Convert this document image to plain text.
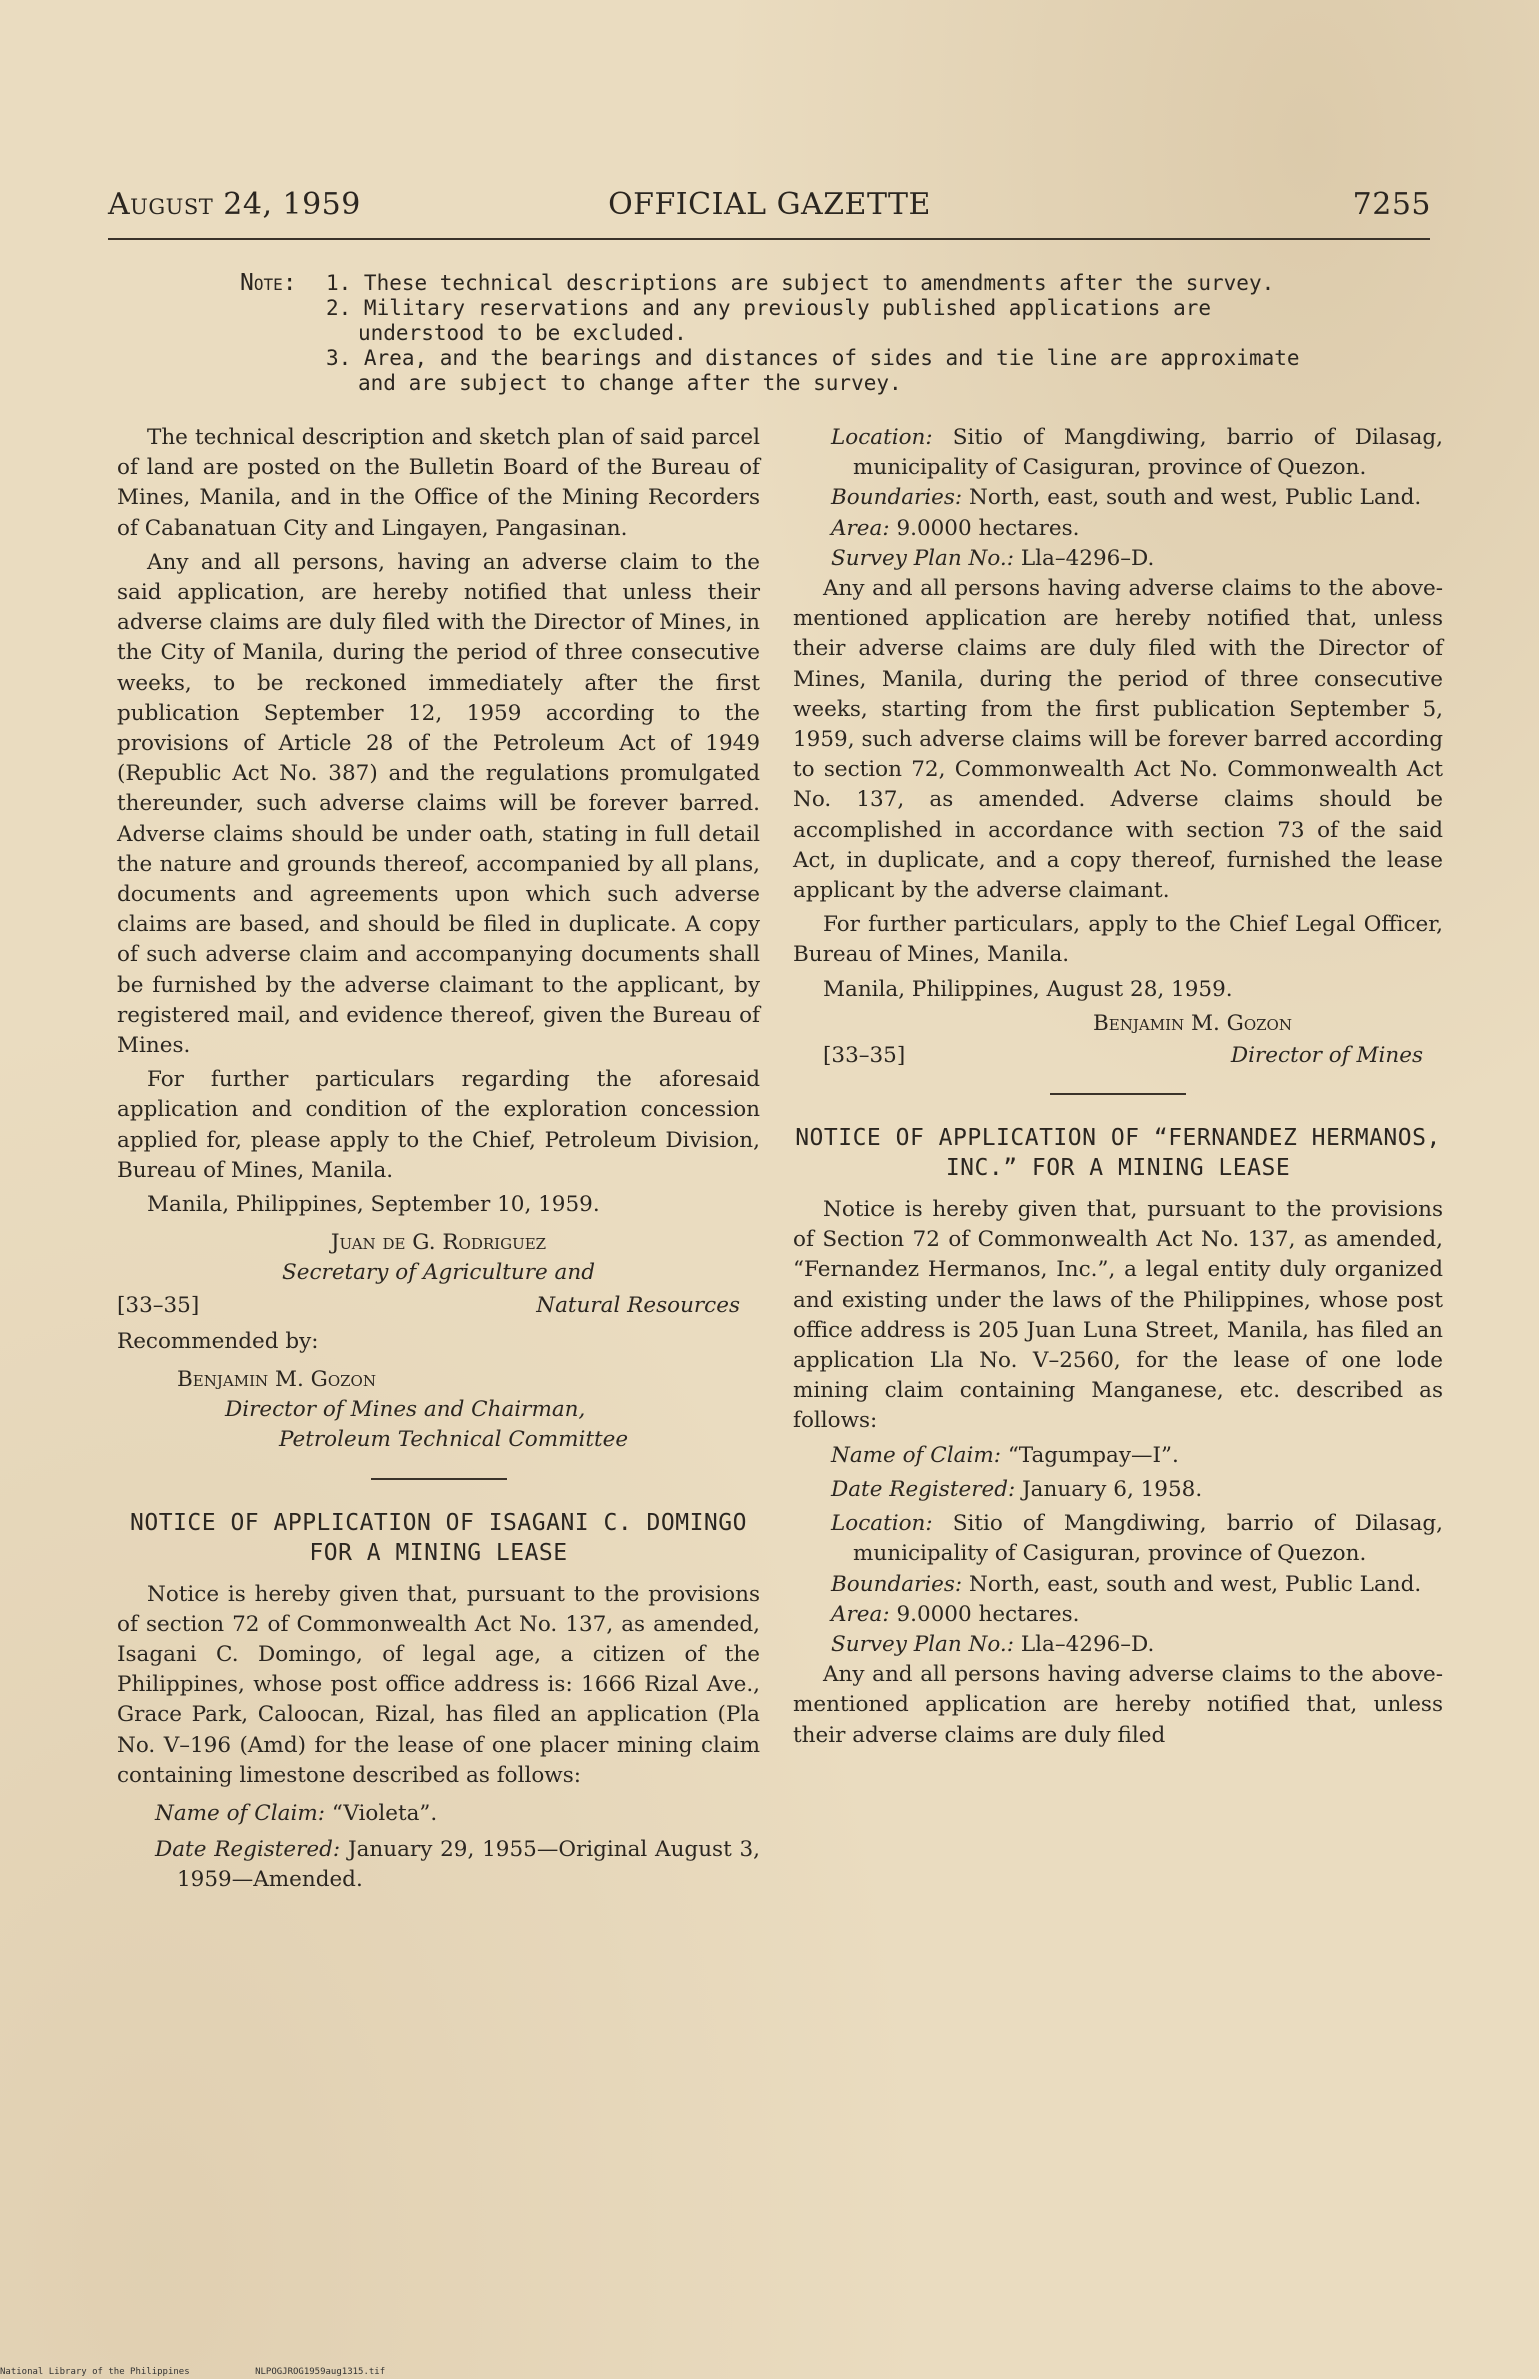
August 24, 1959	OFFICIAL GAZETTE	7255
Note: 1. These technical descriptions are subject to amendments after the survey.
2. Military reservations and any previously published applications are understood to be excluded.
3. Area, and the bearings and distances of sides and tie line are approximate and are subject to change after the survey.

The technical description and sketch plan of said parcel of land are posted on the Bulletin Board of the Bureau of Mines, Manila, and in the Office of the Mining Recorders of Cabanatuan City and Lingayen, Pangasinan.

Any and all persons, having an adverse claim to the said application, are hereby notified that unless their adverse claims are duly filed with the Director of Mines, in the City of Manila, during the period of three consecutive weeks, to be reckoned immediately after the first publication September 12, 1959 according to the provisions of Article 28 of the Petroleum Act of 1949 (Republic Act No. 387) and the regulations promulgated thereunder, such adverse claims will be forever barred. Adverse claims should be under oath, stating in full detail the nature and grounds thereof, accompanied by all plans, documents and agreements upon which such adverse claims are based, and should be filed in duplicate. A copy of such adverse claim and accompanying documents shall be furnished by the adverse claimant to the applicant, by registered mail, and evidence thereof, given the Bureau of Mines.

For further particulars regarding the aforesaid application and condition of the exploration concession applied for, please apply to the Chief, Petroleum Division, Bureau of Mines, Manila.

Manila, Philippines, September 10, 1959.

Juan de G. Rodriguez
Secretary of Agriculture and
[33–35]	Natural Resources
Recommended by:
Benjamin M. Gozon
Director of Mines and Chairman,
Petroleum Technical Committee
NOTICE OF APPLICATION OF ISAGANI C. DOMINGO FOR A MINING LEASE

Notice is hereby given that, pursuant to the provisions of section 72 of Commonwealth Act No. 137, as amended, Isagani C. Domingo, of legal age, a citizen of the Philippines, whose post office address is: 1666 Rizal Ave., Grace Park, Caloocan, Rizal, has filed an application (Pla No. V–196 (Amd) for the lease of one placer mining claim containing limestone described as follows:

Name of Claim: “Violeta”.
Date Registered: January 29, 1955—Original August 3, 1959—Amended.
Location: Sitio of Mangdiwing, barrio of Dilasag, municipality of Casiguran, province of Quezon.
Boundaries: North, east, south and west, Public Land.
Area: 9.0000 hectares.
Survey Plan No.: Lla–4296–D.

Any and all persons having adverse claims to the above-mentioned application are hereby notified that, unless their adverse claims are duly filed with the Director of Mines, Manila, during the period of three consecutive weeks, starting from the first publication September 5, 1959, such adverse claims will be forever barred according to section 72, Commonwealth Act No. Commonwealth Act No. 137, as amended. Adverse claims should be accomplished in accordance with section 73 of the said Act, in duplicate, and a copy thereof, furnished the lease applicant by the adverse claimant.

For further particulars, apply to the Chief Legal Officer, Bureau of Mines, Manila.

Manila, Philippines, August 28, 1959.

Benjamin M. Gozon
[33–35]	Director of Mines
NOTICE OF APPLICATION OF “FERNANDEZ HERMANOS, INC.” FOR A MINING LEASE

Notice is hereby given that, pursuant to the provisions of Section 72 of Commonwealth Act No. 137, as amended, “Fernandez Hermanos, Inc.”, a legal entity duly organized and existing under the laws of the Philippines, whose post office address is 205 Juan Luna Street, Manila, has filed an application Lla No. V–2560, for the lease of one lode mining claim containing Manganese, etc. described as follows:

Name of Claim: “Tagumpay—I”.
Date Registered: January 6, 1958.
Location: Sitio of Mangdiwing, barrio of Dilasag, municipality of Casiguran, province of Quezon.
Boundaries: North, east, south and west, Public Land.
Area: 9.0000 hectares.
Survey Plan No.: Lla–4296–D.

Any and all persons having adverse claims to the above-mentioned application are hereby notified that, unless their adverse claims are duly filed

National Library of the Philippines	NLPOGJROG1959aug1315.tif
